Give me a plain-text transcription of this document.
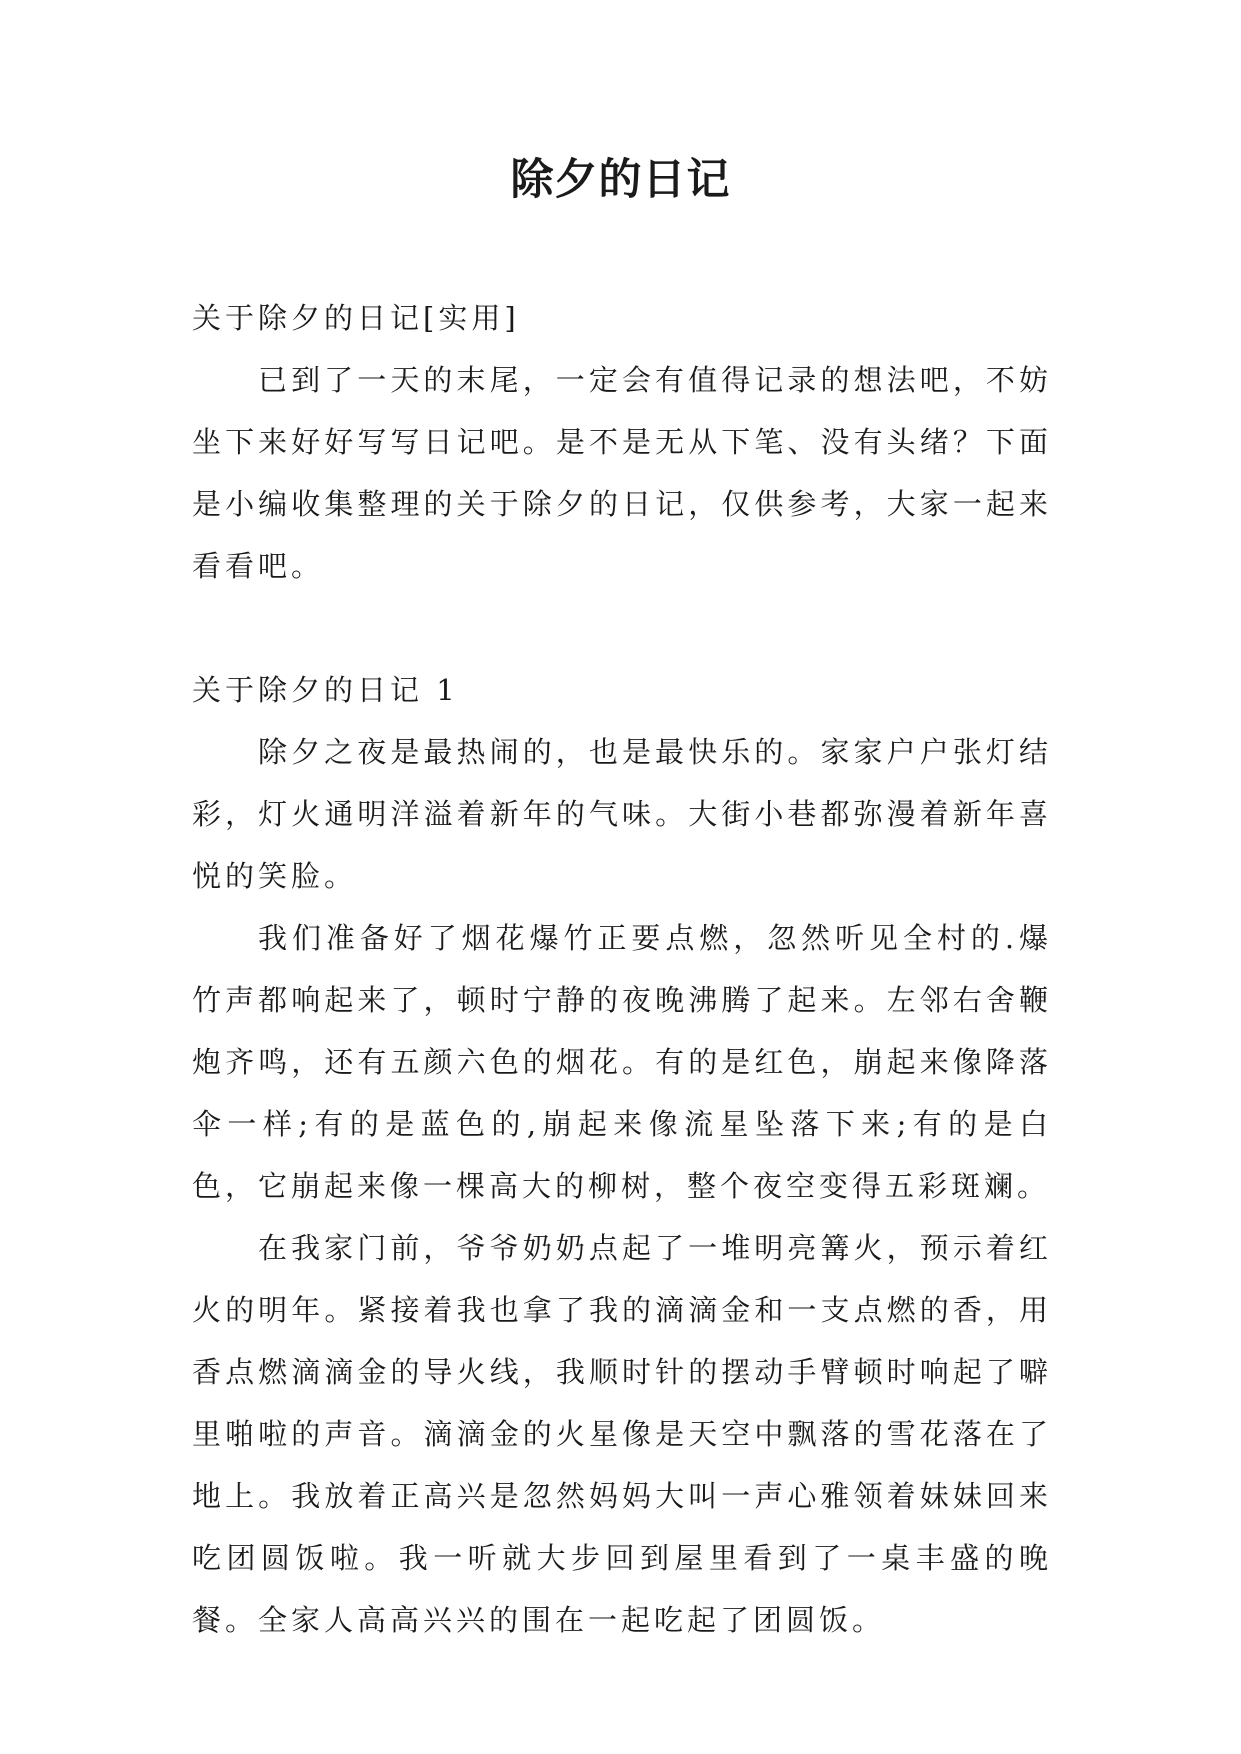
除夕的日记

关于除夕的日记[实用]

已到了一天的末尾，一定会有值得记录的想法吧，不妨坐下来好好写写日记吧。是不是无从下笔、没有头绪？下面是小编收集整理的关于除夕的日记，仅供参考，大家一起来看看吧。

关于除夕的日记 1

除夕之夜是最热闹的，也是最快乐的。家家户户张灯结彩，灯火通明洋溢着新年的气味。大街小巷都弥漫着新年喜悦的笑脸。

我们准备好了烟花爆竹正要点燃，忽然听见全村的.爆竹声都响起来了，顿时宁静的夜晚沸腾了起来。左邻右舍鞭炮齐鸣，还有五颜六色的烟花。有的是红色，崩起来像降落伞一样;有的是蓝色的,崩起来像流星坠落下来;有的是白色，它崩起来像一棵高大的柳树，整个夜空变得五彩斑斓。

在我家门前，爷爷奶奶点起了一堆明亮篝火，预示着红火的明年。紧接着我也拿了我的滴滴金和一支点燃的香，用香点燃滴滴金的导火线，我顺时针的摆动手臂顿时响起了噼里啪啦的声音。滴滴金的火星像是天空中飘落的雪花落在了地上。我放着正高兴是忽然妈妈大叫一声心雅领着妹妹回来吃团圆饭啦。我一听就大步回到屋里看到了一桌丰盛的晚餐。全家人高高兴兴的围在一起吃起了团圆饭。
